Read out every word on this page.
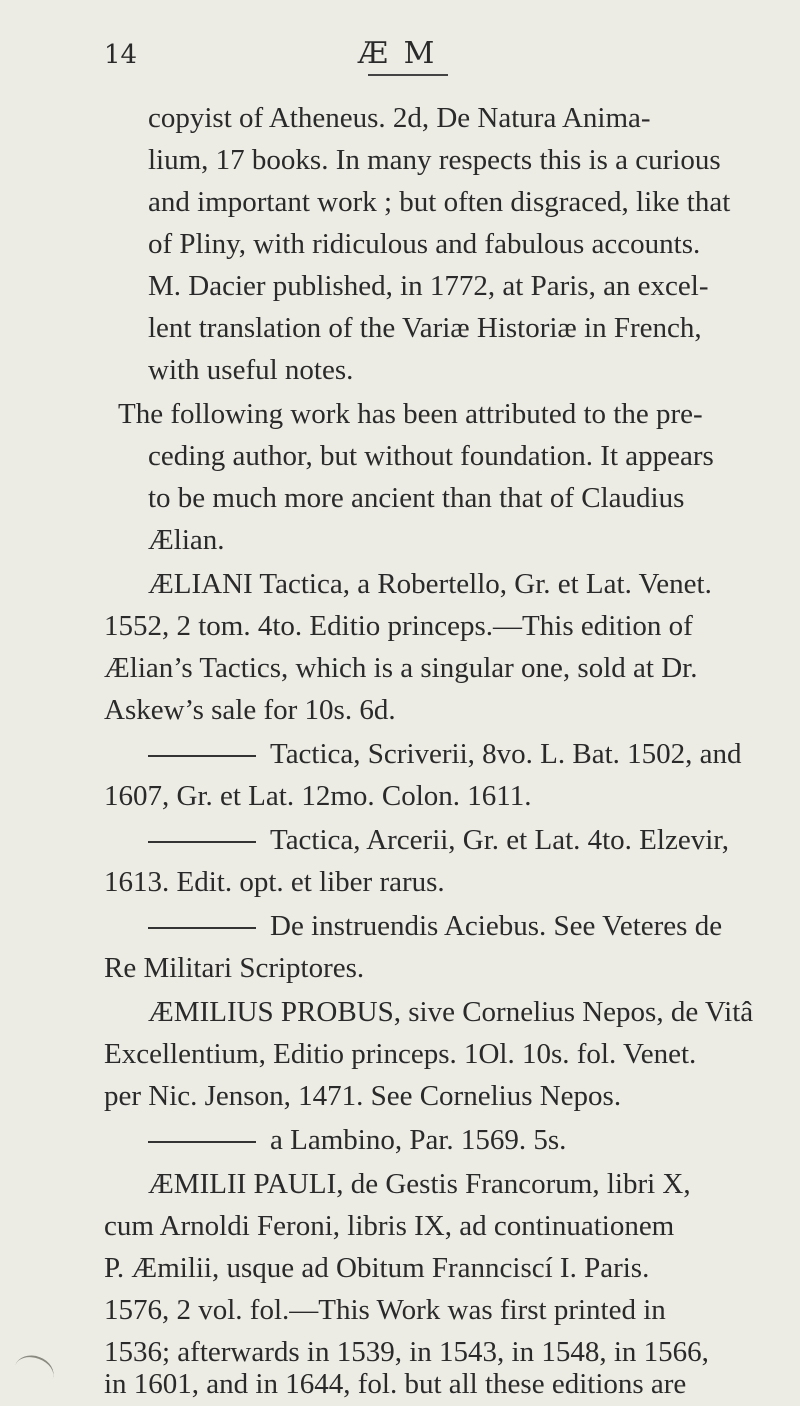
14	Æ M
copyist of Atheneus. 2d, De Natura Anima-
lium, 17 books. In many respects this is a curious
and important work ; but often disgraced, like that
of Pliny, with ridiculous and fabulous accounts.
M. Dacier published, in 1772, at Paris, an excel-
lent translation of the Variæ Historiæ in French,
with useful notes.
The following work has been attributed to the pre-
ceding author, but without foundation. It appears
to be much more ancient than that of Claudius
Ælian.
ÆLIANI Tactica, a Robertello, Gr. et Lat. Venet.
1552, 2 tom. 4to. Editio princeps.—This edition of
Ælian’s Tactics, which is a singular one, sold at Dr.
Askew’s sale for 10s. 6d.
Tactica, Scriverii, 8vo. L. Bat. 1502, and
1607, Gr. et Lat. 12mo. Colon. 1611.
Tactica, Arcerii, Gr. et Lat. 4to. Elzevir,
1613. Edit. opt. et liber rarus.
De instruendis Aciebus. See Veteres de
Re Militari Scriptores.
ÆMILIUS PROBUS, sive Cornelius Nepos, de Vitâ
Excellentium, Editio princeps. 1Ol. 10s. fol. Venet.
per Nic. Jenson, 1471. See Cornelius Nepos.
a Lambino, Par. 1569. 5s.
ÆMILII PAULI, de Gestis Francorum, libri X,
cum Arnoldi Feroni, libris IX, ad continuationem
P. Æmilii, usque ad Obitum Frannciscí I. Paris.
1576, 2 vol. fol.—This Work was first printed in
1536; afterwards in 1539, in 1543, in 1548, in 1566,
in 1601, and in 1644, fol. but all these editions are
